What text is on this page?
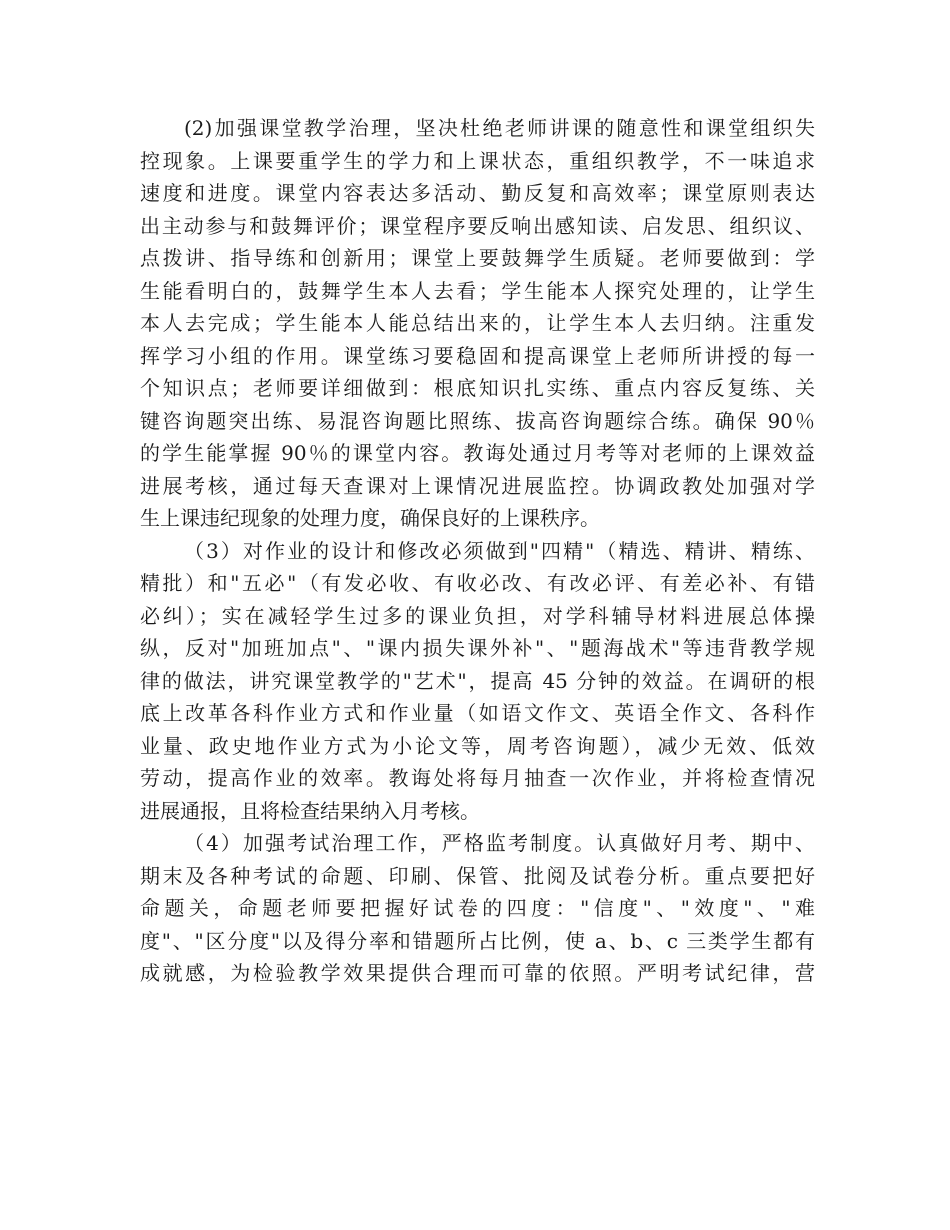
(2)加强课堂教学治理，坚决杜绝老师讲课的随意性和课堂组织失
控现象。上课要重学生的学力和上课状态，重组织教学，不一味追求
速度和进度。课堂内容表达多活动、勤反复和高效率；课堂原则表达
出主动参与和鼓舞评价；课堂程序要反响出感知读、启发思、组织议、
点拨讲、指导练和创新用；课堂上要鼓舞学生质疑。老师要做到：学
生能看明白的，鼓舞学生本人去看；学生能本人探究处理的，让学生
本人去完成；学生能本人能总结出来的，让学生本人去归纳。注重发
挥学习小组的作用。课堂练习要稳固和提高课堂上老师所讲授的每一
个知识点；老师要详细做到：根底知识扎实练、重点内容反复练、关
键咨询题突出练、易混咨询题比照练、拔高咨询题综合练。确保 90％
的学生能掌握 90％的课堂内容。教诲处通过月考等对老师的上课效益
进展考核，通过每天查课对上课情况进展监控。协调政教处加强对学
生上课违纪现象的处理力度，确保良好的上课秩序。
（3）对作业的设计和修改必须做到"四精"（精选、精讲、精练、
精批）和"五必"（有发必收、有收必改、有改必评、有差必补、有错
必纠）；实在减轻学生过多的课业负担，对学科辅导材料进展总体操
纵，反对"加班加点"、"课内损失课外补"、"题海战术"等违背教学规
律的做法，讲究课堂教学的"艺术"，提高 45 分钟的效益。在调研的根
底上改革各科作业方式和作业量（如语文作文、英语全作文、各科作
业量、政史地作业方式为小论文等，周考咨询题），减少无效、低效
劳动，提高作业的效率。教诲处将每月抽查一次作业，并将检查情况
进展通报，且将检查结果纳入月考核。
（4）加强考试治理工作，严格监考制度。认真做好月考、期中、
期末及各种考试的命题、印刷、保管、批阅及试卷分析。重点要把好
命题关，命题老师要把握好试卷的四度："信度"、"效度"、"难
度"、"区分度"以及得分率和错题所占比例，使 a、b、c 三类学生都有
成就感，为检验教学效果提供合理而可靠的依照。严明考试纪律，营
